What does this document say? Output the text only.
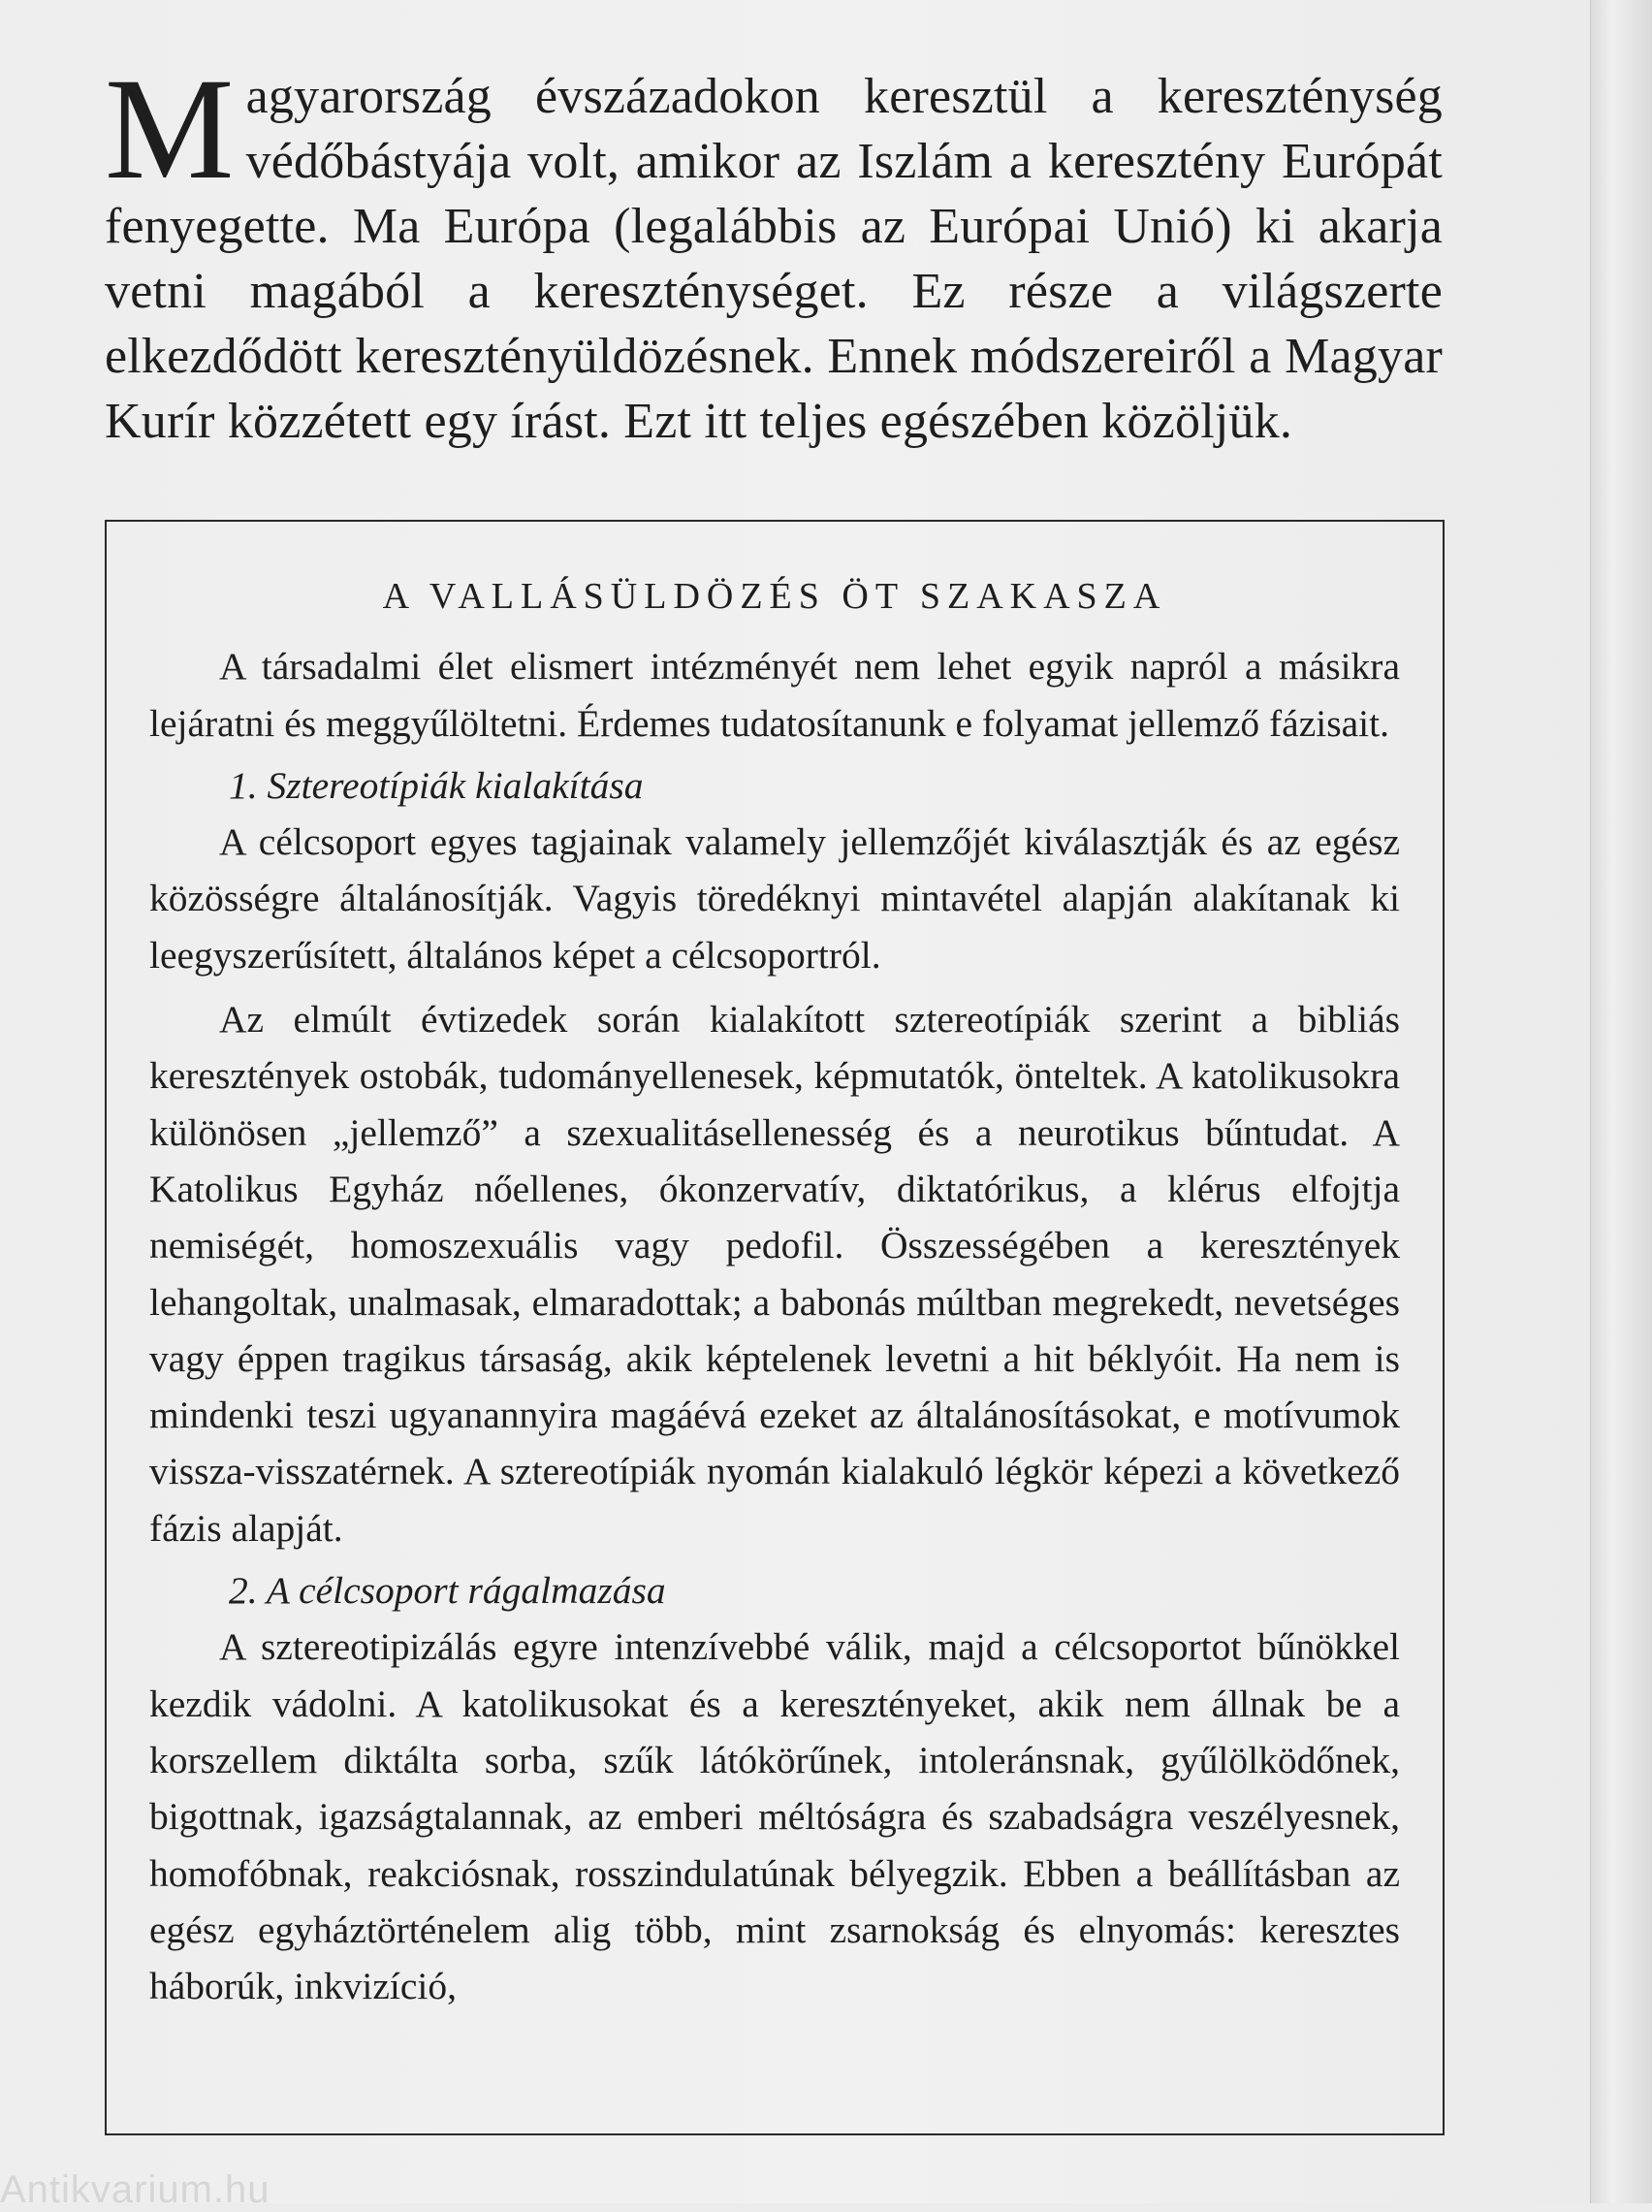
Magyarország évszázadokon keresztül a kereszténység védőbástyája volt, amikor az Iszlám a keresztény Európát fenyegette. Ma Európa (legalábbis az Európai Unió) ki akarja vetni magából a kereszténységet. Ez része a világszerte elkezdődött keresztényüldözésnek. Ennek módszereiről a Magyar Kurír közzétett egy írást. Ezt itt teljes egészében közöljük.
A VALLÁSÜLDÖZÉS ÖT SZAKASZA

A társadalmi élet elismert intézményét nem lehet egyik napról a másikra lejáratni és meggyűlöltetni. Érdemes tudatosítanunk e folyamat jellemző fázisait.

1. Sztereotípiák kialakítása

A célcsoport egyes tagjainak valamely jellemzőjét kiválasztják és az egész közösségre általánosítják. Vagyis töredéknyi mintavétel alapján alakítanak ki leegyszerűsített, általános képet a célcsoportról.

Az elmúlt évtizedek során kialakított sztereotípiák szerint a bibliás keresztények ostobák, tudományellenesek, képmutatók, önteltek. A katolikusokra különösen „jellemző” a szexualitásellenesség és a neurotikus bűntudat. A Katolikus Egyház nőellenes, ókonzervatív, diktatórikus, a klérus elfojtja nemiségét, homoszexuális vagy pedofil. Összességében a keresztények lehangoltak, unalmasak, elmaradottak; a babonás múltban megrekedt, nevetséges vagy éppen tragikus társaság, akik képtelenek levetni a hit béklyóit. Ha nem is mindenki teszi ugyanannyira magáévá ezeket az általánosításokat, e motívumok vissza-visszatérnek. A sztereotípiák nyomán kialakuló légkör képezi a következő fázis alapját.

2. A célcsoport rágalmazása

A sztereotipizálás egyre intenzívebbé válik, majd a célcsoportot bűnökkel kezdik vádolni. A katolikusokat és a keresztényeket, akik nem állnak be a korszellem diktálta sorba, szűk látókörűnek, intoleránsnak, gyűlölködőnek, bigottnak, igazságtalannak, az emberi méltóságra és szabadságra veszélyesnek, homofóbnak, reakciósnak, rosszindulatúnak bélyegzik. Ebben a beállításban az egész egyháztörténelem alig több, mint zsarnokság és elnyomás: keresztes háborúk, inkvizíció,

Antikvarium.hu
